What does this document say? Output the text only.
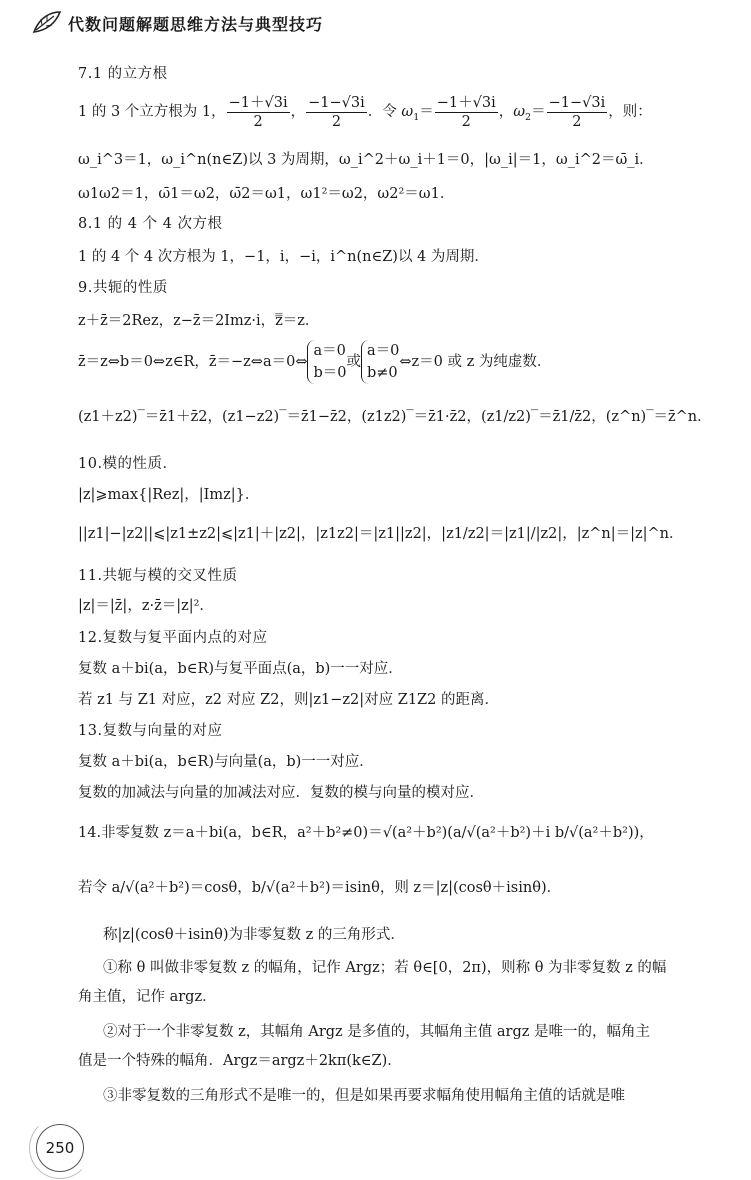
代数问题解题思维方法与典型技巧
7.1 的立方根
1 的 3 个立方根为 1， $\frac{-1+√3i}{2}$ ， $\frac{-1-√3i}{2}$ ．令 $\omega_1= \frac{-1+√3i}{2}$ ，$\omega_2= \frac{-1-√3i}{2}$ ，则：
ω_i^3＝1，ω_i^n(n∈Z)以 3 为周期，ω_i^2＋ω_i＋1＝0，|ω_i|＝1，ω_i^2＝ω̄_i．
ω1ω2＝1，ω̄1＝ω2，ω̄2＝ω1，ω1²＝ω2，ω2²＝ω1．
8.1 的 4 个 4 次方根
1 的 4 个 4 次方根为 1，−1，i，−i，i^n(n∈Z)以 4 为周期．
9.共轭的性质
z＋z̄＝2Rez，z−z̄＝2Imz·i，z̿＝z．
z̄＝z⇔b＝0⇔z∈R，z̄＝−z⇔a＝0⇔a＝0
b＝0或a＝0
b≠0⇔z＝0 或 z 为纯虚数．
(z1＋z2)‾＝z̄1＋z̄2，(z1−z2)‾＝z̄1−z̄2，(z1z2)‾＝z̄1·z̄2，(z1/z2)‾＝z̄1/z̄2，(z^n)‾＝z̄^n．
10.模的性质．
|z|⩾max{|Rez|，|Imz|}．
||z1|−|z2||⩽|z1±z2|⩽|z1|＋|z2|，|z1z2|＝|z1||z2|，|z1/z2|＝|z1|/|z2|，|z^n|＝|z|^n．
11.共轭与模的交叉性质
|z|＝|z̄|，z·z̄＝|z|²．
12.复数与复平面内点的对应
复数 a＋bi(a，b∈R)与复平面点(a，b)一一对应．
若 z1 与 Z1 对应，z2 对应 Z2，则|z1−z2|对应 Z1Z2 的距离．
13.复数与向量的对应
复数 a＋bi(a，b∈R)与向量(a，b)一一对应．
复数的加减法与向量的加减法对应．复数的模与向量的模对应．
14.非零复数 z＝a＋bi(a，b∈R，a²＋b²≠0)＝√(a²＋b²)(a/√(a²＋b²)＋i b/√(a²＋b²))，
若令 a/√(a²＋b²)＝cosθ，b/√(a²＋b²)＝isinθ，则 z＝|z|(cosθ＋isinθ)．
称|z|(cosθ＋isinθ)为非零复数 z 的三角形式．
①称 θ 叫做非零复数 z 的幅角，记作 Argz；若 θ∈[0，2π)，则称 θ 为非零复数 z 的幅
角主值，记作 argz．
②对于一个非零复数 z，其幅角 Argz 是多值的，其幅角主值 argz 是唯一的，幅角主
值是一个特殊的幅角．Argz＝argz＋2kπ(k∈Z)．
③非零复数的三角形式不是唯一的，但是如果再要求幅角使用幅角主值的话就是唯
250
